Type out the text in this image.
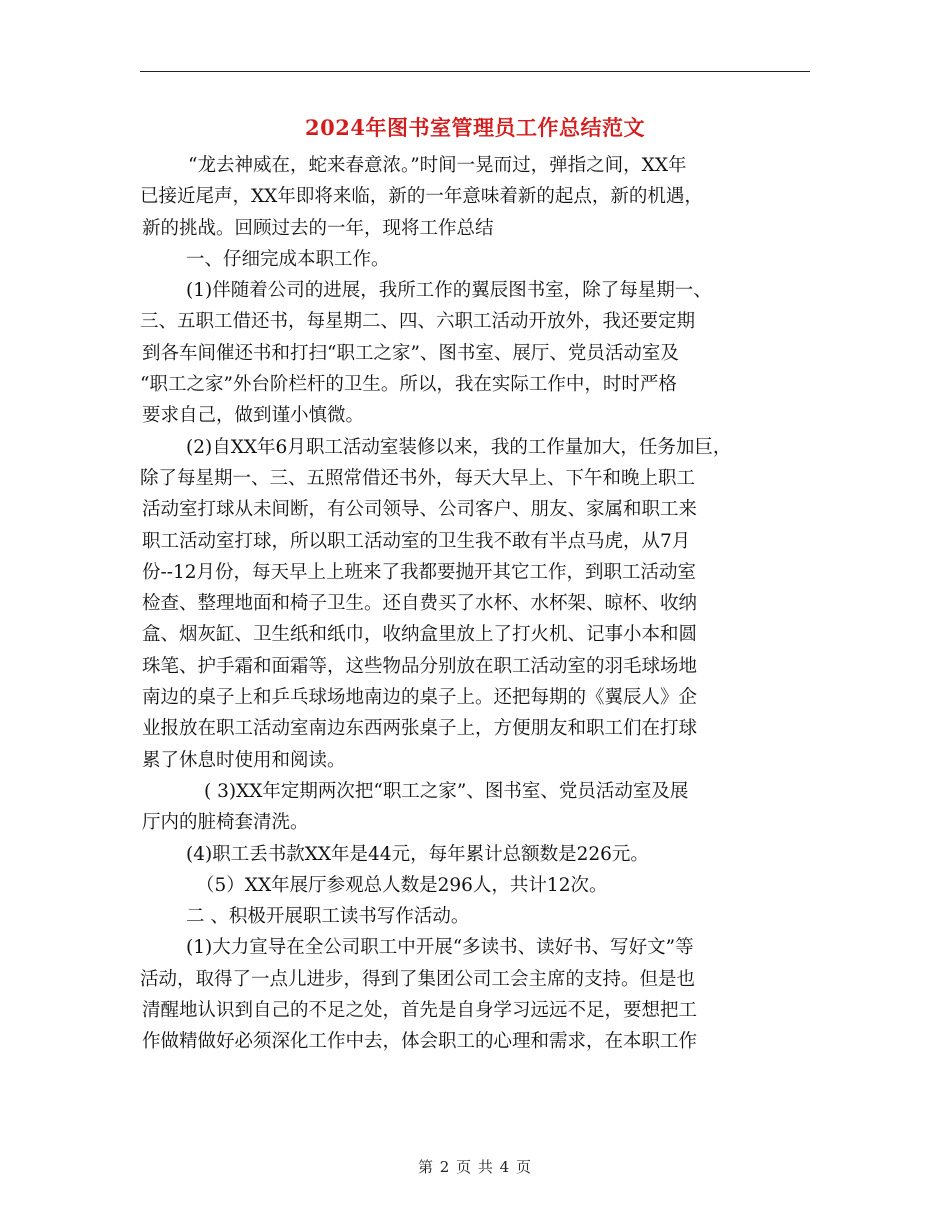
2024年图书室管理员工作总结范文
“龙去神威在，蛇来春意浓。”时间一晃而过，弹指之间，XX年
已接近尾声，XX年即将来临，新的一年意味着新的起点，新的机遇，
新的挑战。回顾过去的一年，现将工作总结
一、仔细完成本职工作。
(1)伴随着公司的进展，我所工作的翼辰图书室，除了每星期一、
三、五职工借还书，每星期二、四、六职工活动开放外，我还要定期
到各车间催还书和打扫“职工之家”、图书室、展厅、党员活动室及
“职工之家”外台阶栏杆的卫生。所以，我在实际工作中，时时严格
要求自己，做到谨小慎微。
(2)自XX年6月职工活动室装修以来，我的工作量加大，任务加巨，
除了每星期一、三、五照常借还书外，每天大早上、下午和晚上职工
活动室打球从未间断，有公司领导、公司客户、朋友、家属和职工来
职工活动室打球，所以职工活动室的卫生我不敢有半点马虎，从7月
份--12月份，每天早上上班来了我都要抛开其它工作，到职工活动室
检查、整理地面和椅子卫生。还自费买了水杯、水杯架、晾杯、收纳
盒、烟灰缸、卫生纸和纸巾，收纳盒里放上了打火机、记事小本和圆
珠笔、护手霜和面霜等，这些物品分别放在职工活动室的羽毛球场地
南边的桌子上和乒乓球场地南边的桌子上。还把每期的《翼辰人》企
业报放在职工活动室南边东西两张桌子上，方便朋友和职工们在打球
累了休息时使用和阅读。
( 3)XX年定期两次把“职工之家”、图书室、党员活动室及展
厅内的脏椅套清洗。
(4)职工丢书款XX年是44元，每年累计总额数是226元。
（5）XX年展厅参观总人数是296人，共计12次。
二 、积极开展职工读书写作活动。
(1)大力宣导在全公司职工中开展“多读书、读好书、写好文”等
活动，取得了一点儿进步，得到了集团公司工会主席的支持。但是也
清醒地认识到自己的不足之处，首先是自身学习远远不足，要想把工
作做精做好必须深化工作中去，体会职工的心理和需求，在本职工作
第 2 页 共 4 页
